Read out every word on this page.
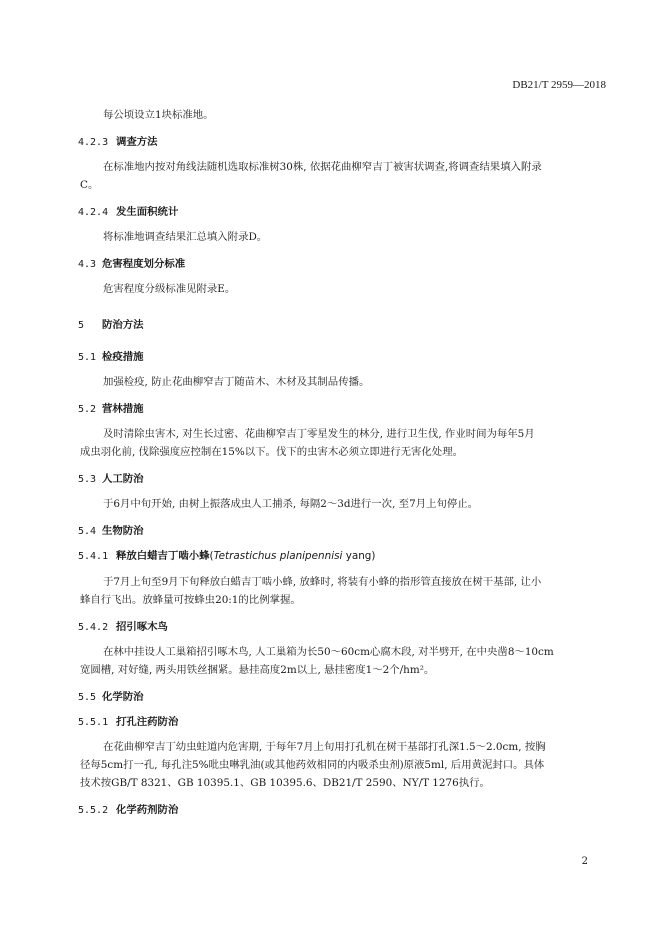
DB21/T 2959—2018
每公顷设立1块标准地。
4.2.3 调查方法
在标准地内按对角线法随机选取标准树30株, 依据花曲柳窄吉丁被害状调查,将调查结果填入附录
C。
4.2.4 发生面积统计
将标准地调查结果汇总填入附录D。
4.3 危害程度划分标准
危害程度分级标准见附录E。
5 防治方法
5.1 检疫措施
加强检疫, 防止花曲柳窄吉丁随苗木、木材及其制品传播。
5.2 营林措施
及时清除虫害木, 对生长过密、花曲柳窄吉丁零星发生的林分, 进行卫生伐, 作业时间为每年5月
成虫羽化前, 伐除强度应控制在15%以下。伐下的虫害木必须立即进行无害化处理。
5.3 人工防治
于6月中旬开始, 由树上振落成虫人工捕杀, 每隔2～3d进行一次, 至7月上旬停止。
5.4 生物防治
5.4.1 释放白蜡吉丁啮小蜂(Tetrastichus planipennisi yang)
于7月上旬至9月下旬释放白蜡吉丁啮小蜂, 放蜂时, 将装有小蜂的指形管直接放在树干基部, 让小
蜂自行飞出。放蜂量可按蜂虫20:1的比例掌握。
5.4.2 招引啄木鸟
在林中挂设人工巢箱招引啄木鸟, 人工巢箱为长50～60cm心腐木段, 对半劈开, 在中央凿8～10cm
宽圆槽, 对好缝, 两头用铁丝捆紧。悬挂高度2m以上, 悬挂密度1～2个/hm²。
5.5 化学防治
5.5.1 打孔注药防治
在花曲柳窄吉丁幼虫蛀道内危害期, 于每年7月上旬用打孔机在树干基部打孔深1.5～2.0cm, 按胸
径每5cm打一孔, 每孔注5%吡虫啉乳油(或其他药效相同的内吸杀虫剂)原液5ml, 后用黄泥封口。具体
技术按GB/T 8321、GB 10395.1、GB 10395.6、DB21/T 2590、NY/T 1276执行。
5.5.2 化学药剂防治
2
